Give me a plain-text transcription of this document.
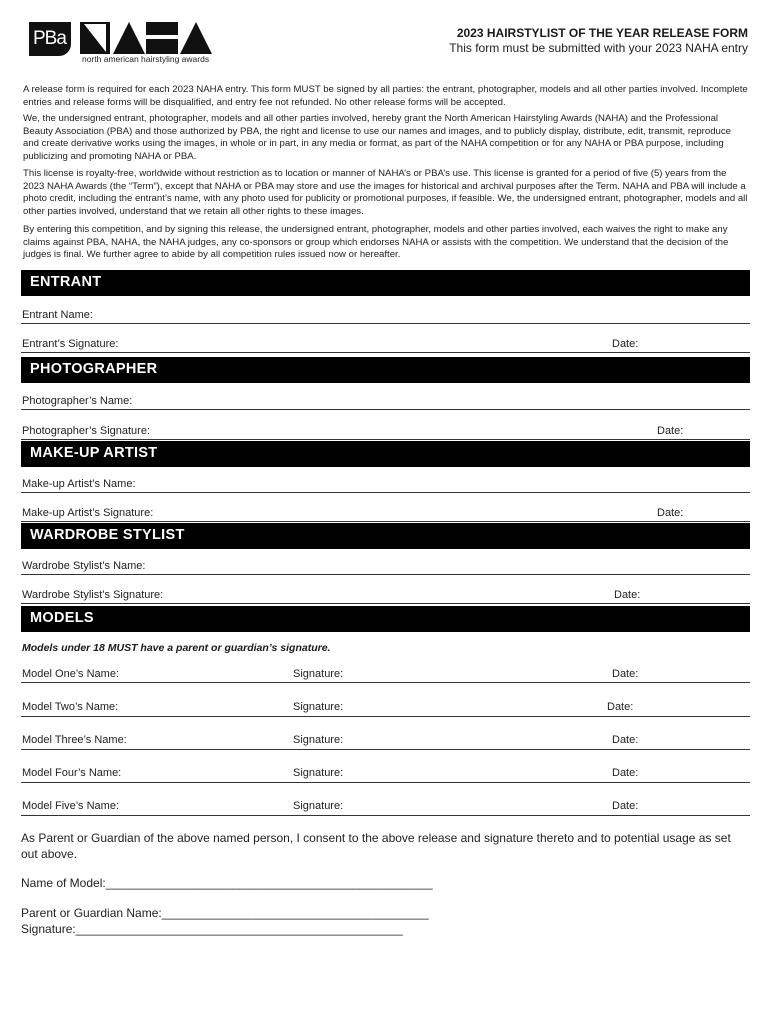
PBa
north american hairstyling awards
2023 HAIRSTYLIST OF THE YEAR RELEASE FORM
This form must be submitted with your 2023 NAHA entry
A release form is required for each 2023 NAHA entry. This form MUST be signed by all parties: the entrant, photographer, models and all other parties involved. Incomplete entries and release forms will be disqualified, and entry fee not refunded. No other release forms will be accepted.
We, the undersigned entrant, photographer, models and all other parties involved, hereby grant the North American Hairstyling Awards (NAHA) and the Professional Beauty Association (PBA) and those authorized by PBA, the right and license to use our names and images, and to publicly display, distribute, edit, transmit, reproduce and create derivative works using the images, in whole or in part, in any media or format, as part of the NAHA competition or for any NAHA or PBA purpose, including publicizing and promoting NAHA or PBA.
This license is royalty-free, worldwide without restriction as to location or manner of NAHA’s or PBA’s use. This license is granted for a period of five (5) years from the 2023 NAHA Awards (the “Term”), except that NAHA or PBA may store and use the images for historical and archival purposes after the Term. NAHA and PBA will include a photo credit, including the entrant’s name, with any photo used for publicity or promotional purposes, if feasible. We, the undersigned entrant, photographer, models and all other parties involved, understand that we retain all other rights to these images.
By entering this competition, and by signing this release, the undersigned entrant, photographer, models and other parties involved, each waives the right to make any claims against PBA, NAHA, the NAHA judges, any co-sponsors or group which endorses NAHA or assists with the competition. We understand that the decision of the judges is final. We further agree to abide by all competition rules issued now or hereafter.
ENTRANT
Entrant Name:
Entrant’s Signature:	Date:
PHOTOGRAPHER
Photographer’s Name:
Photographer’s Signature:	Date:
MAKE-UP ARTIST
Make-up Artist’s Name:
Make-up Artist’s Signature:	Date:
WARDROBE STYLIST
Wardrobe Stylist’s Name:
Wardrobe Stylist’s Signature:	Date:
MODELS
Models under 18 MUST have a parent or guardian’s signature.
Model One’s Name:	Signature:	Date:
Model Two’s Name:	Signature:	Date:
Model Three’s Name:	Signature:	Date:
Model Four’s Name:	Signature:	Date:
Model Five’s Name:	Signature:	Date:
As Parent or Guardian of the above named person, I consent to the above release and signature thereto and to potential usage as set out above.
Name of Model:_________________________________________________
Parent or Guardian Name:________________________________________
Signature:_________________________________________________
